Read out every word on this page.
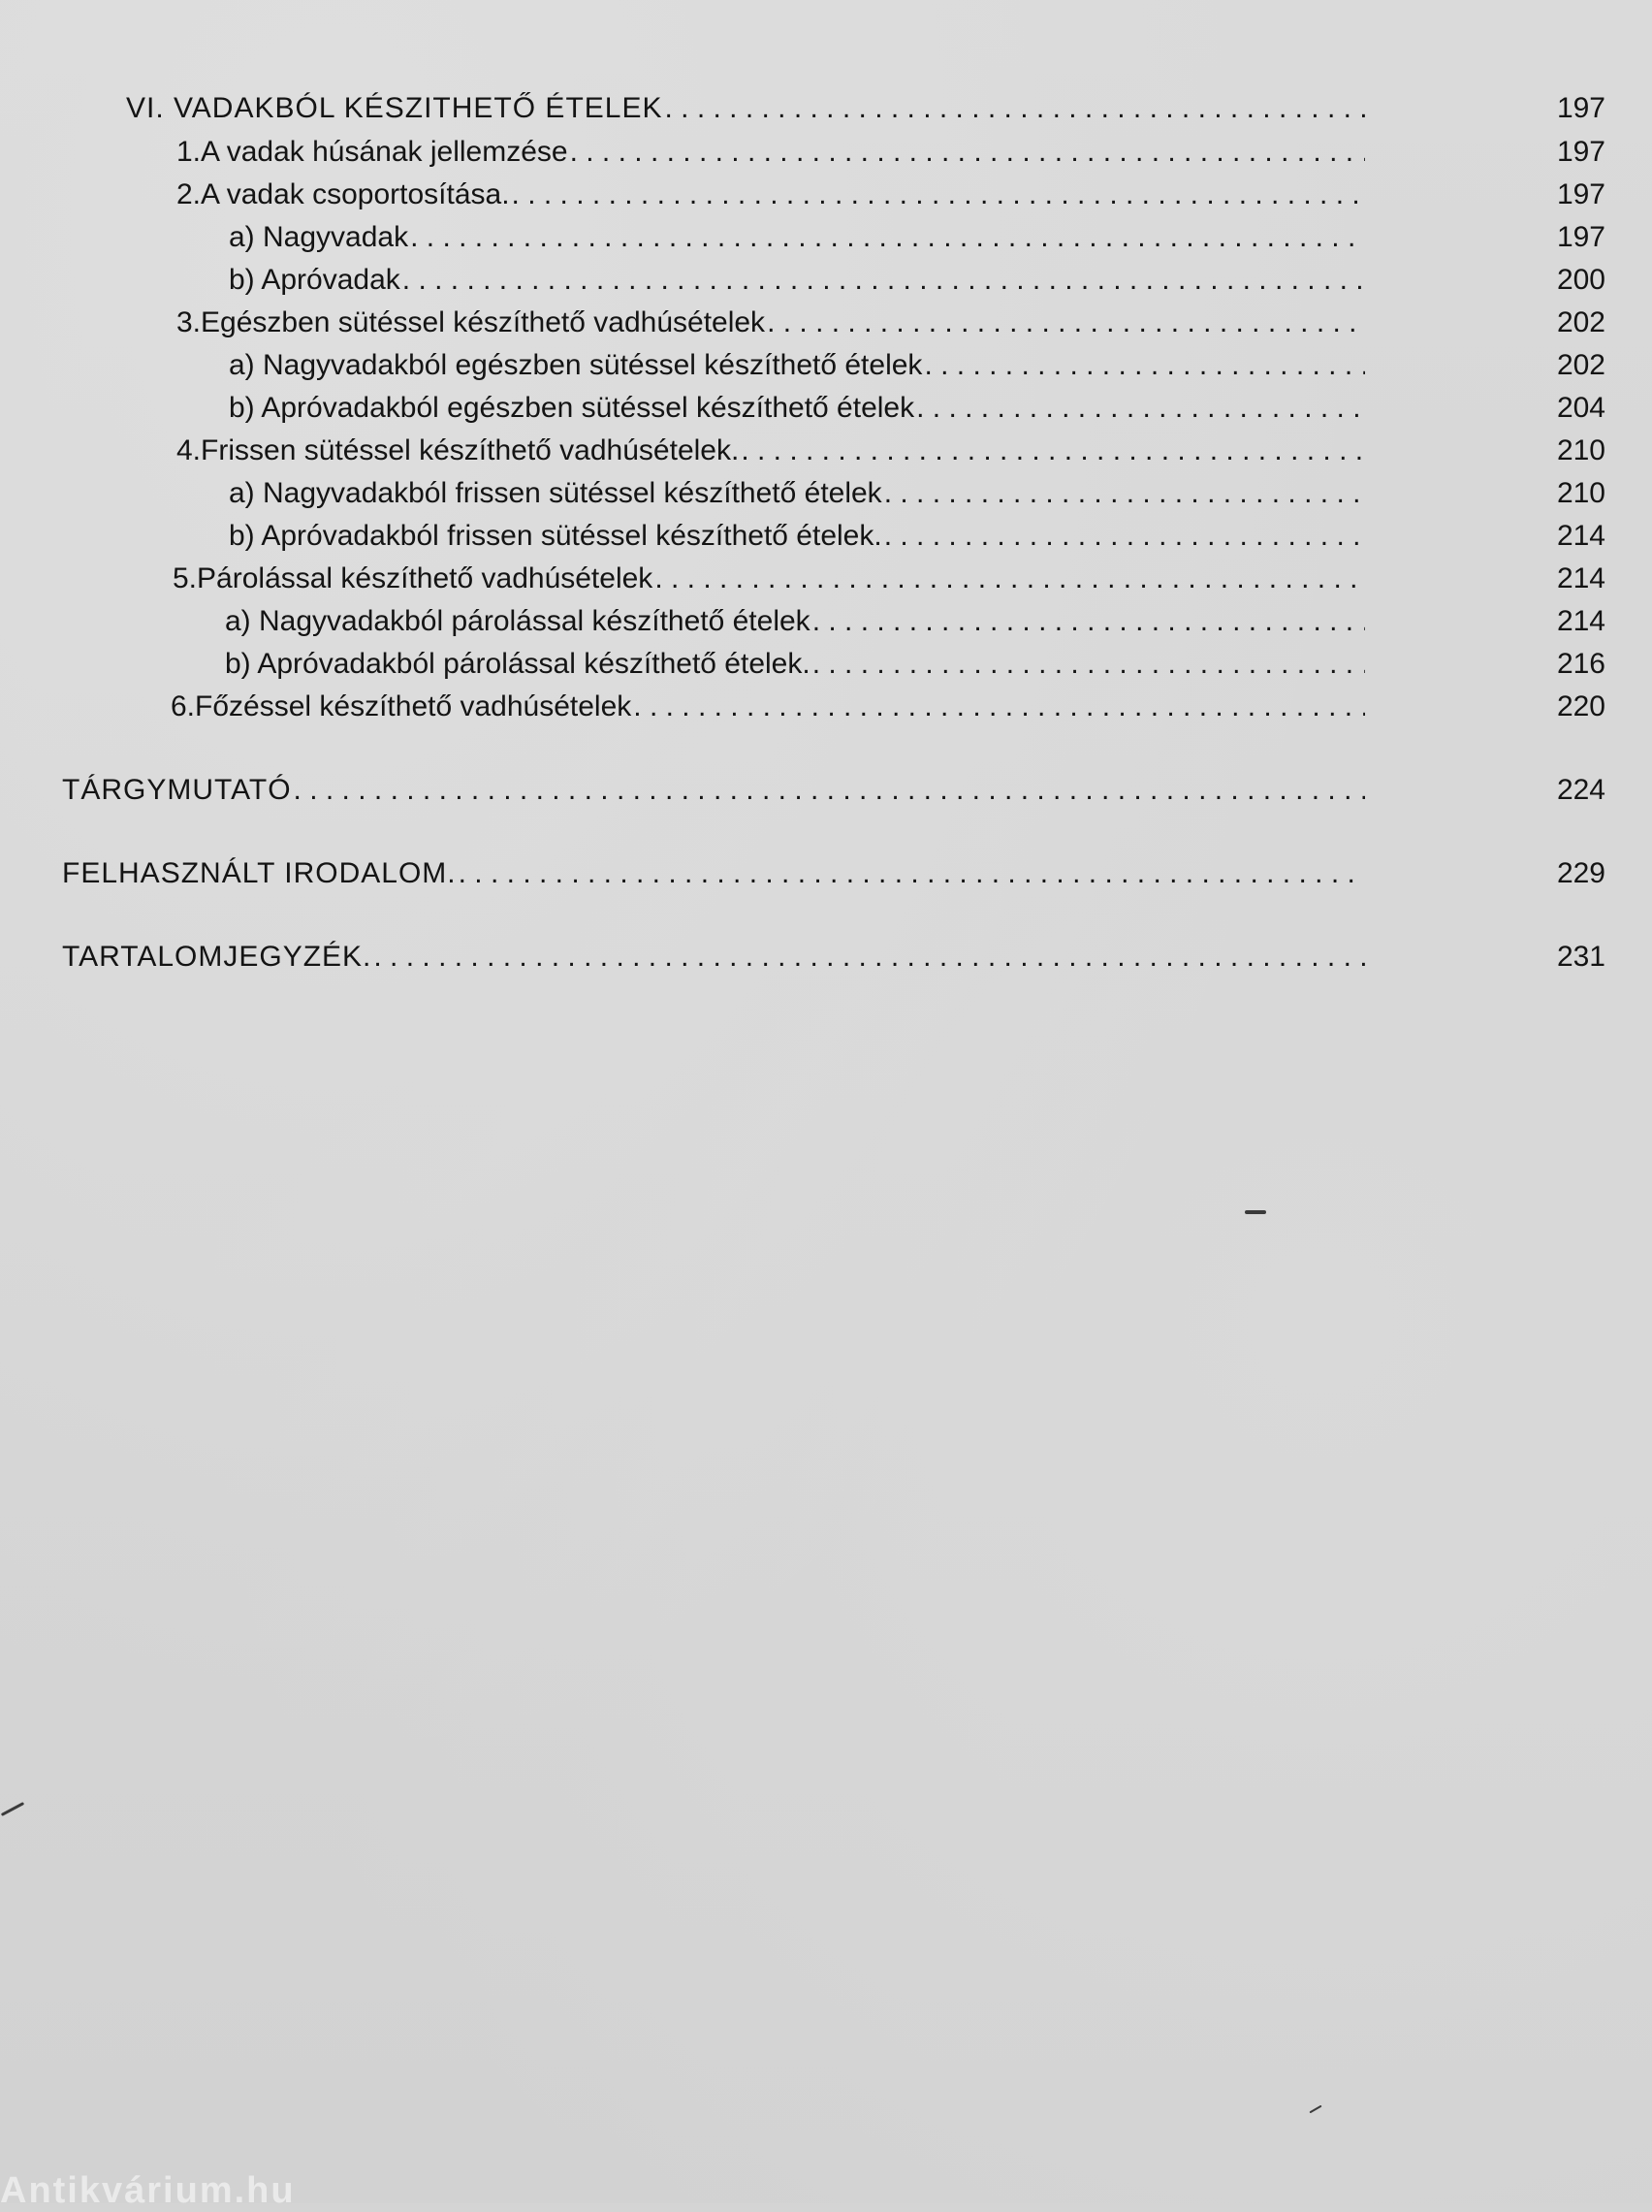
VI. VADAKBÓL KÉSZITHETŐ ÉTELEK . . .	197
1. A vadak húsának jellemzése . . .	197
2. A vadak csoportosítása. . . .	197
a) Nagyvadak . . .	197
b) Apróvadak . . .	200
3. Egészben sütéssel készíthető vadhúsételek . . .	202
a) Nagyvadakból egészben sütéssel készíthető ételek . . .	202
b) Apróvadakból egészben sütéssel készíthető ételek . . .	204
4. Frissen sütéssel készíthető vadhúsételek. . . .	210
a) Nagyvadakból frissen sütéssel készíthető ételek . . .	210
b) Apróvadakból frissen sütéssel készíthető ételek. . . .	214
5. Párolással készíthető vadhúsételek . . .	214
a) Nagyvadakból párolással készíthető ételek . . .	214
b) Apróvadakból párolással készíthető ételek. . . .	216
6. Főzéssel készíthető vadhúsételek . . .	220
TÁRGYMUTATÓ . . .	224
FELHASZNÁLT IRODALOM. . . .	229
TARTALOMJEGYZÉK. . . .	231
Antikvárium.hu
